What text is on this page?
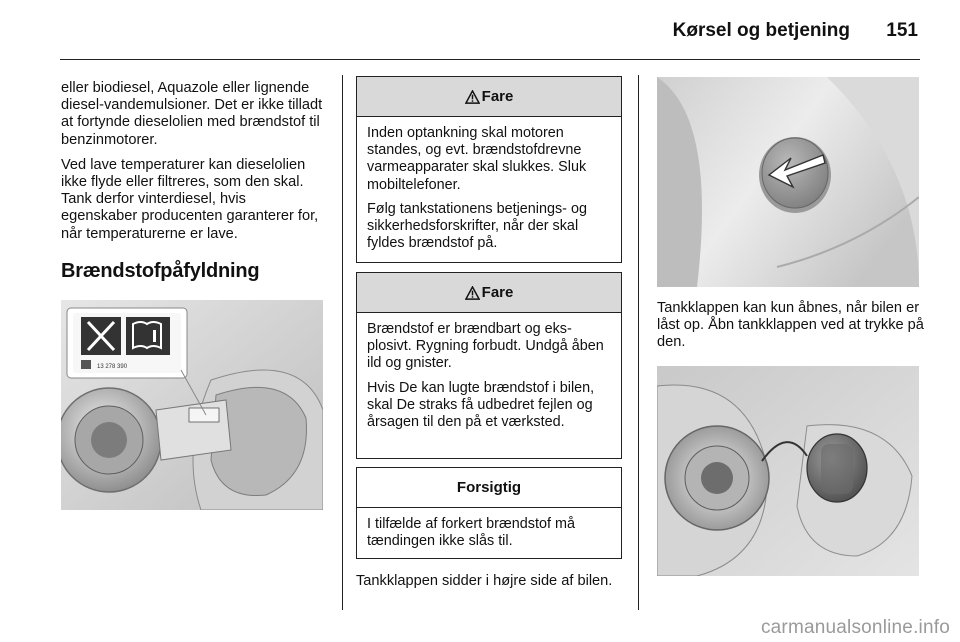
Kørsel og betjening	151

eller biodiesel, Aquazole eller lignende diesel-vandemulsioner. Det er ikke tilladt at fortynde dieselolien med brændstof til benzinmotorer.

Ved lave temperaturer kan dieselolien ikke flyde eller filtreres, som den skal. Tank derfor vinterdiesel, hvis egenskaber producenten garanterer for, når temperaturerne er lave.

Brændstofpåfyldning
13 278 390
Fare

Inden optankning skal motoren standes, og evt. brændstofdrevne varmeapparater skal slukkes. Sluk mobiltelefoner.

Følg tankstationens betjenings- og sikkerhedsforskrifter, når der skal fyldes brændstof på.

Fare

Brændstof er brændbart og eksplosivt. Rygning forbudt. Undgå åben ild og gnister.

Hvis De kan lugte brændstof i bilen, skal De straks få udbedret fejlen og årsagen til den på et værksted.

Forsigtig

I tilfælde af forkert brændstof må tændingen ikke slås til.

Tankklappen sidder i højre side af bilen.
Tankklappen kan kun åbnes, når bilen er låst op. Åbn tankklappen ved at trykke på den.
carmanualsonline.info
